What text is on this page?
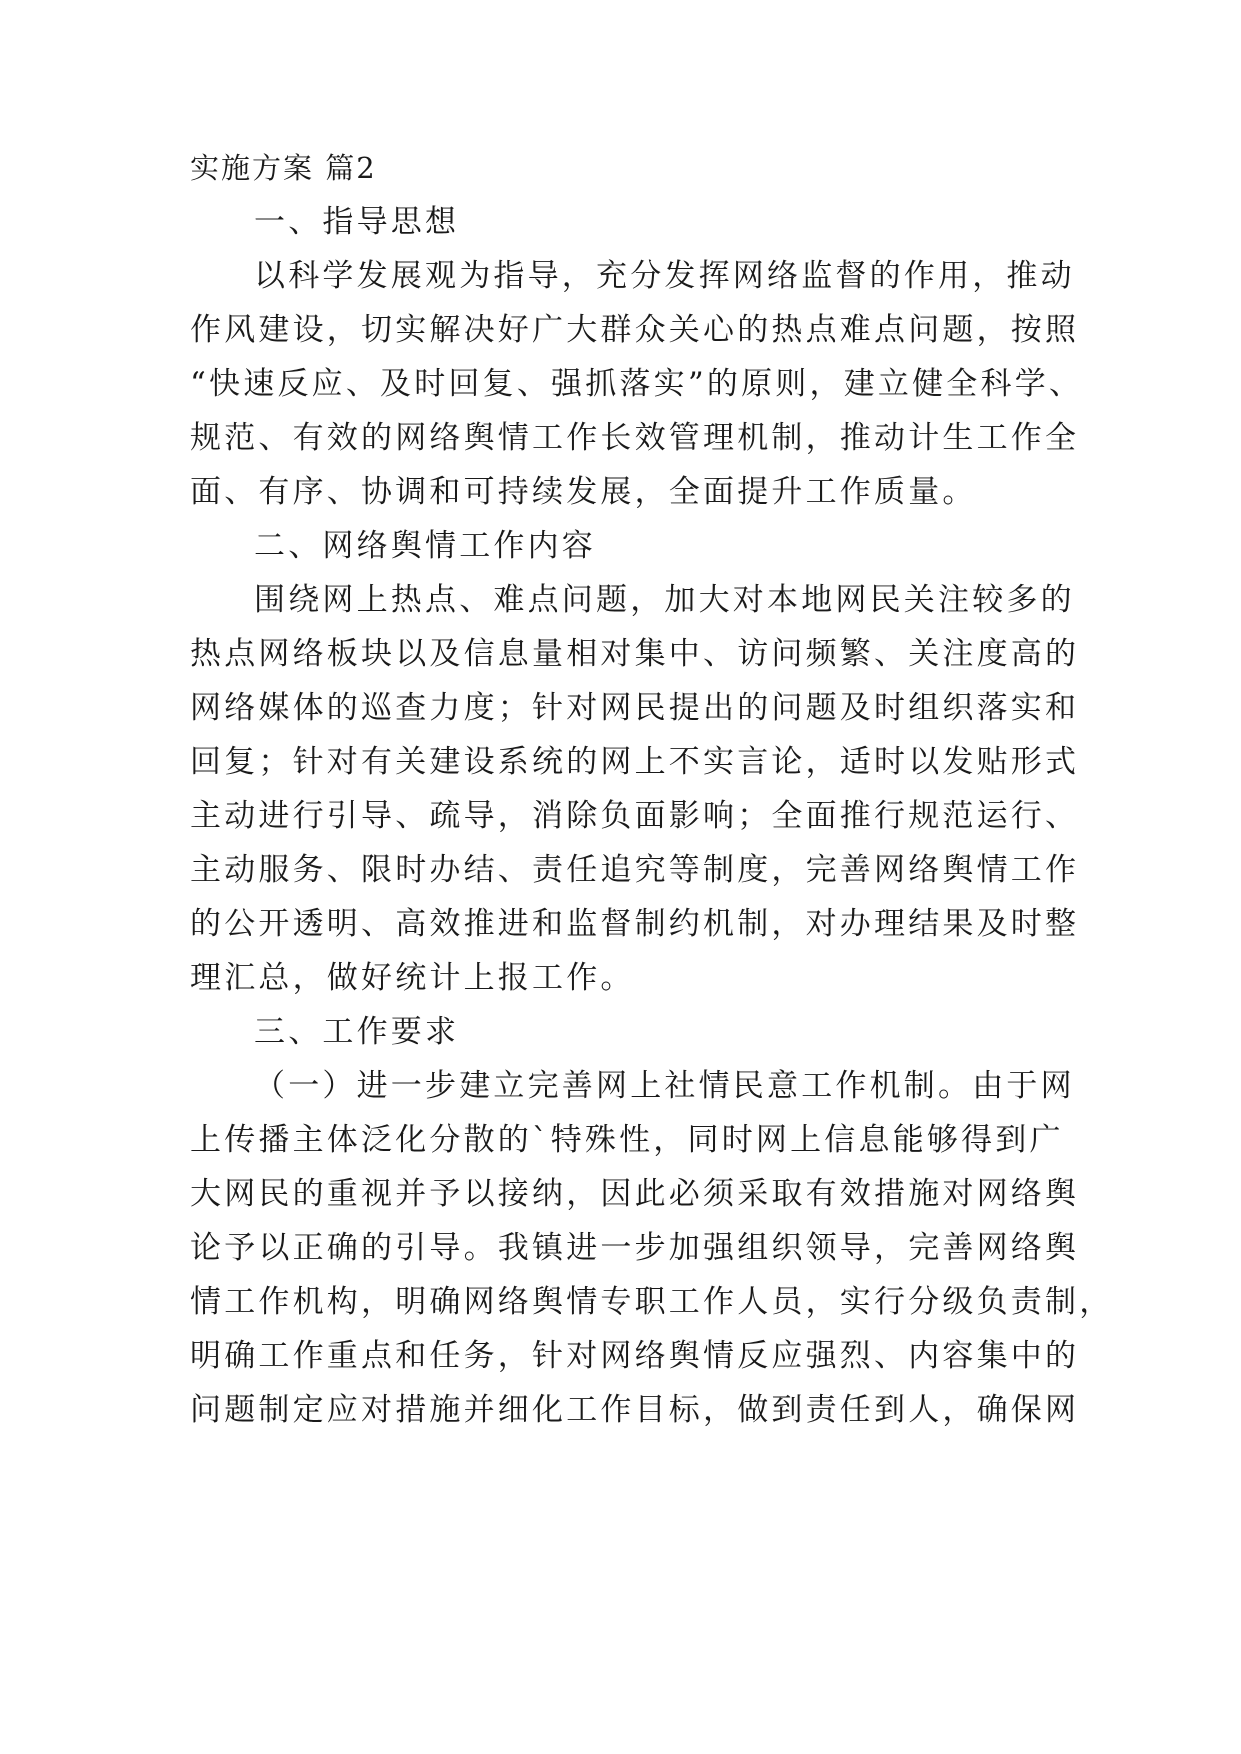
实施方案 篇2
一、指导思想
以科学发展观为指导，充分发挥网络监督的作用，推动
作风建设，切实解决好广大群众关心的热点难点问题，按照
“快速反应、及时回复、强抓落实”的原则，建立健全科学、
规范、有效的网络舆情工作长效管理机制，推动计生工作全
面、有序、协调和可持续发展，全面提升工作质量。
二、网络舆情工作内容
围绕网上热点、难点问题，加大对本地网民关注较多的
热点网络板块以及信息量相对集中、访问频繁、关注度高的
网络媒体的巡查力度；针对网民提出的问题及时组织落实和
回复；针对有关建设系统的网上不实言论，适时以发贴形式
主动进行引导、疏导，消除负面影响；全面推行规范运行、
主动服务、限时办结、责任追究等制度，完善网络舆情工作
的公开透明、高效推进和监督制约机制，对办理结果及时整
理汇总，做好统计上报工作。
三、工作要求
（一）进一步建立完善网上社情民意工作机制。由于网
上传播主体泛化分散的`特殊性，同时网上信息能够得到广
大网民的重视并予以接纳，因此必须采取有效措施对网络舆
论予以正确的引导。我镇进一步加强组织领导，完善网络舆
情工作机构，明确网络舆情专职工作人员，实行分级负责制，
明确工作重点和任务，针对网络舆情反应强烈、内容集中的
问题制定应对措施并细化工作目标，做到责任到人，确保网
